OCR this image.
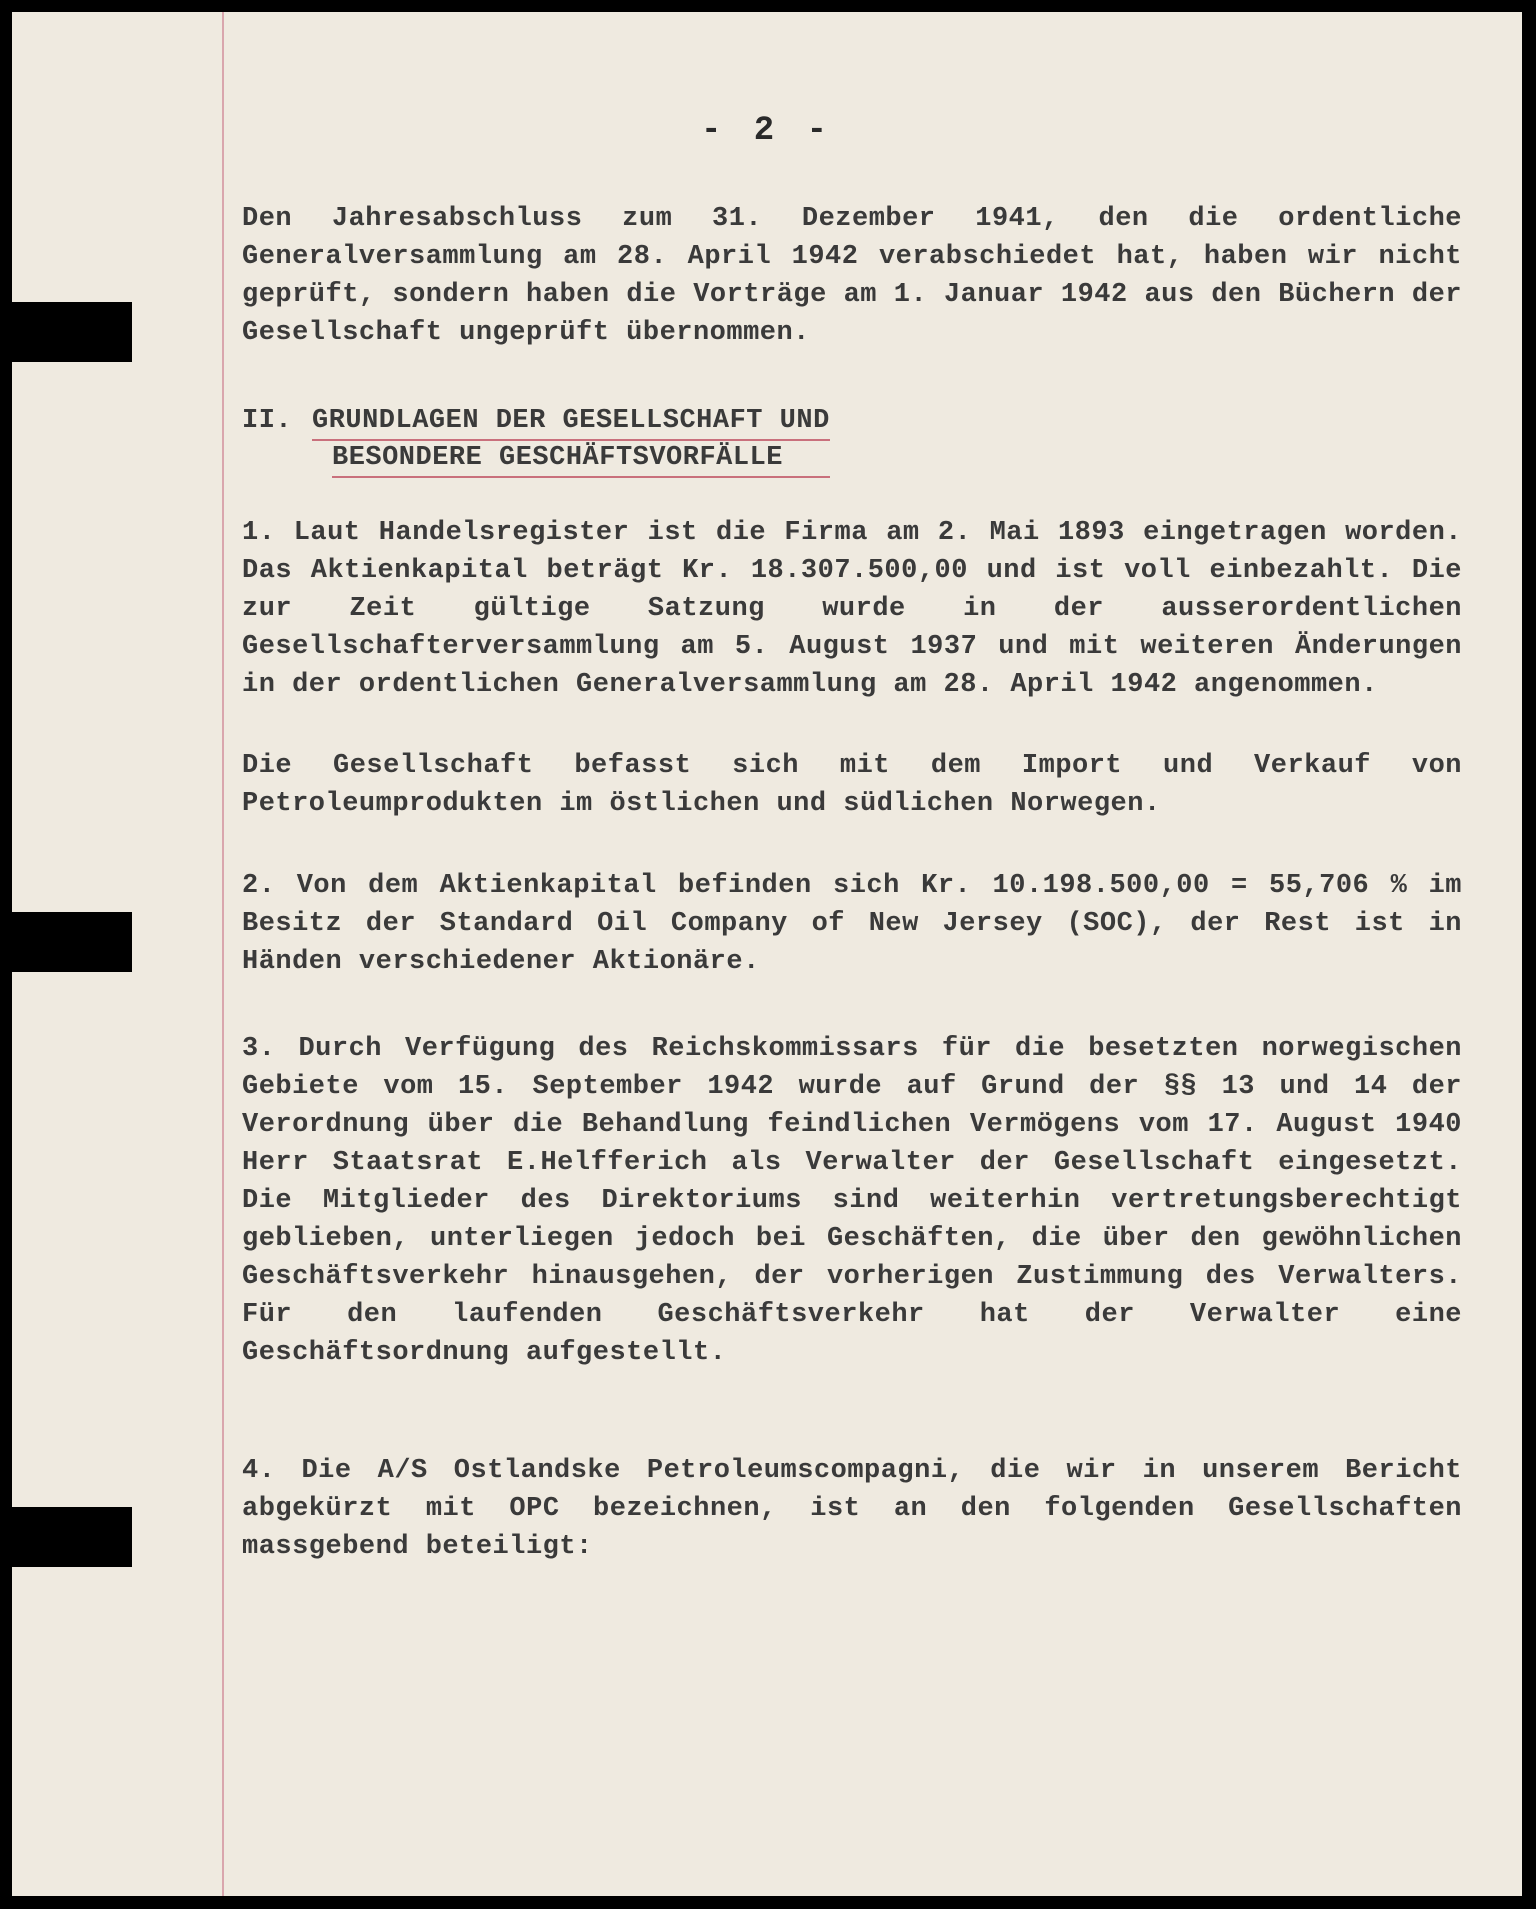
- 2 -

Den Jahresabschluss zum 31. Dezember 1941, den die ordentliche Generalversammlung am 28. April 1942 verabschiedet hat, haben wir nicht geprüft, sondern haben die Vorträge am 1. Januar 1942 aus den Büchern der Gesellschaft ungeprüft übernommen.

II. GRUNDLAGEN DER GESELLSCHAFT UND
BESONDERE GESCHÄFTSVORFÄLLE

1. Laut Handelsregister ist die Firma am 2. Mai 1893 eingetragen worden. Das Aktienkapital beträgt Kr. 18.307.500,00 und ist voll einbezahlt. Die zur Zeit gültige Satzung wurde in der ausserordentlichen Gesellschafterversammlung am 5. August 1937 und mit weiteren Änderungen in der ordentlichen Generalversammlung am 28. April 1942 angenommen.

Die Gesellschaft befasst sich mit dem Import und Verkauf von Petroleumprodukten im östlichen und südlichen Norwegen.

2. Von dem Aktienkapital befinden sich Kr. 10.198.500,00 = 55,706 % im Besitz der Standard Oil Company of New Jersey (SOC), der Rest ist in Händen verschiedener Aktionäre.

3. Durch Verfügung des Reichskommissars für die besetzten norwegischen Gebiete vom 15. September 1942 wurde auf Grund der §§ 13 und 14 der Verordnung über die Behandlung feindlichen Vermögens vom 17. August 1940 Herr Staatsrat E.Helfferich als Verwalter der Gesellschaft eingesetzt. Die Mitglieder des Direktoriums sind weiterhin vertretungsberechtigt geblieben, unterliegen jedoch bei Geschäften, die über den gewöhnlichen Geschäftsverkehr hinausgehen, der vorherigen Zustimmung des Verwalters. Für den laufenden Geschäftsverkehr hat der Verwalter eine Geschäftsordnung aufgestellt.

4. Die A/S Ostlandske Petroleumscompagni, die wir in unserem Bericht abgekürzt mit OPC bezeichnen, ist an den folgenden Gesellschaften massgebend beteiligt:
